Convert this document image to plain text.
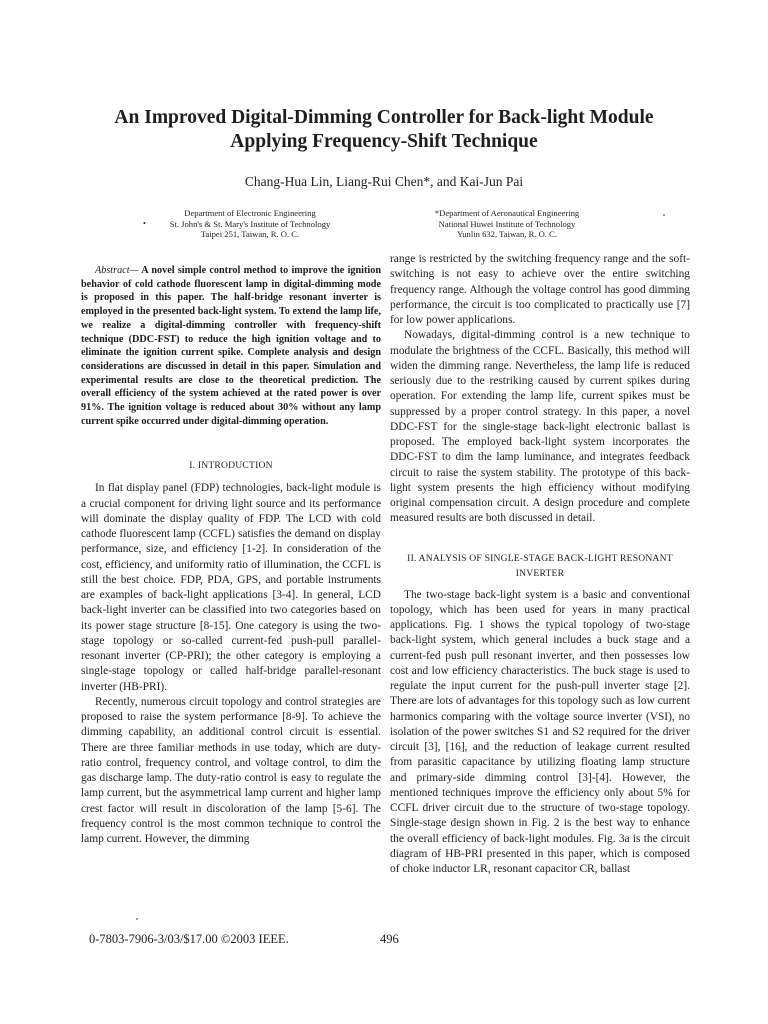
An Improved Digital-Dimming Controller for Back-light Module
Applying Frequency-Shift Technique
Chang-Hua Lin, Liang-Rui Chen*, and Kai-Jun Pai
•
Department of Electronic Engineering
St. John's & St. Mary's Institute of Technology
Taipei 251, Taiwan, R. O. C.
*Department of Aeronautical Engineering
National Huwei Institute of Technology
Yunlin 632, Taiwan, R. O. C.

Abstract— A novel simple control method to improve the ignition behavior of cold cathode fluorescent lamp in digital-dimming mode is proposed in this paper. The half-bridge resonant inverter is employed in the presented back-light system. To extend the lamp life, we realize a digital-dimming controller with frequency-shift technique (DDC-FST) to reduce the high ignition voltage and to eliminate the ignition current spike. Complete analysis and design considerations are discussed in detail in this paper. Simulation and experimental results are close to the theoretical prediction. The overall efficiency of the system achieved at the rated power is over 91%. The ignition voltage is reduced about 30% without any lamp current spike occurred under digital-dimming operation.

I. INTRODUCTION

In flat display panel (FDP) technologies, back-light module is a crucial component for driving light source and its performance will dominate the display quality of FDP. The LCD with cold cathode fluorescent lamp (CCFL) satisfies the demand on display performance, size, and efficiency [1-2]. In consideration of the cost, efficiency, and uniformity ratio of illumination, the CCFL is still the best choice. FDP, PDA, GPS, and portable instruments are examples of back-light applications [3-4]. In general, LCD back-light inverter can be classified into two categories based on its power stage structure [8-15]. One category is using the two-stage topology or so-called current-fed push-pull parallel-resonant inverter (CP-PRI); the other category is employing a single-stage topology or called half-bridge parallel-resonant inverter (HB-PRI).

Recently, numerous circuit topology and control strategies are proposed to raise the system performance [8-9]. To achieve the dimming capability, an additional control circuit is essential. There are three familiar methods in use today, which are duty-ratio control, frequency control, and voltage control, to dim the gas discharge lamp. The duty-ratio control is easy to regulate the lamp current, but the asymmetrical lamp current and higher lamp crest factor will result in discoloration of the lamp [5-6]. The frequency control is the most common technique to control the lamp current. However, the dimming

range is restricted by the switching frequency range and the soft-switching is not easy to achieve over the entire switching frequency range. Although the voltage control has good dimming performance, the circuit is too complicated to practically use [7] for low power applications.

Nowadays, digital-dimming control is a new technique to modulate the brightness of the CCFL. Basically, this method will widen the dimming range. Nevertheless, the lamp life is reduced seriously due to the restriking caused by current spikes during operation. For extending the lamp life, current spikes must be suppressed by a proper control strategy. In this paper, a novel DDC-FST for the single-stage back-light electronic ballast is proposed. The employed back-light system incorporates the DDC-FST to dim the lamp luminance, and integrates feedback circuit to raise the system stability. The prototype of this back-light system presents the high efficiency without modifying original compensation circuit. A design procedure and complete measured results are both discussed in detail.

II. ANALYSIS OF SINGLE-STAGE BACK-LIGHT RESONANT
INVERTER

The two-stage back-light system is a basic and conventional topology, which has been used for years in many practical applications. Fig. 1 shows the typical topology of two-stage back-light system, which general includes a buck stage and a current-fed push pull resonant inverter, and then possesses low cost and low efficiency characteristics. The buck stage is used to regulate the input current for the push-pull inverter stage [2]. There are lots of advantages for this topology such as low current harmonics comparing with the voltage source inverter (VSI), no isolation of the power switches S1 and S2 required for the driver circuit [3], [16], and the reduction of leakage current resulted from parasitic capacitance by utilizing floating lamp structure and primary-side dimming control [3]-[4]. However, the mentioned techniques improve the efficiency only about 5% for CCFL driver circuit due to the structure of two-stage topology. Single-stage design shown in Fig. 2 is the best way to enhance the overall efficiency of back-light modules. Fig. 3a is the circuit diagram of HB-PRI presented in this paper, which is composed of choke inductor LR, resonant capacitor CR, ballast

0-7803-7906-3/03/$17.00 ©2003 IEEE.	496
